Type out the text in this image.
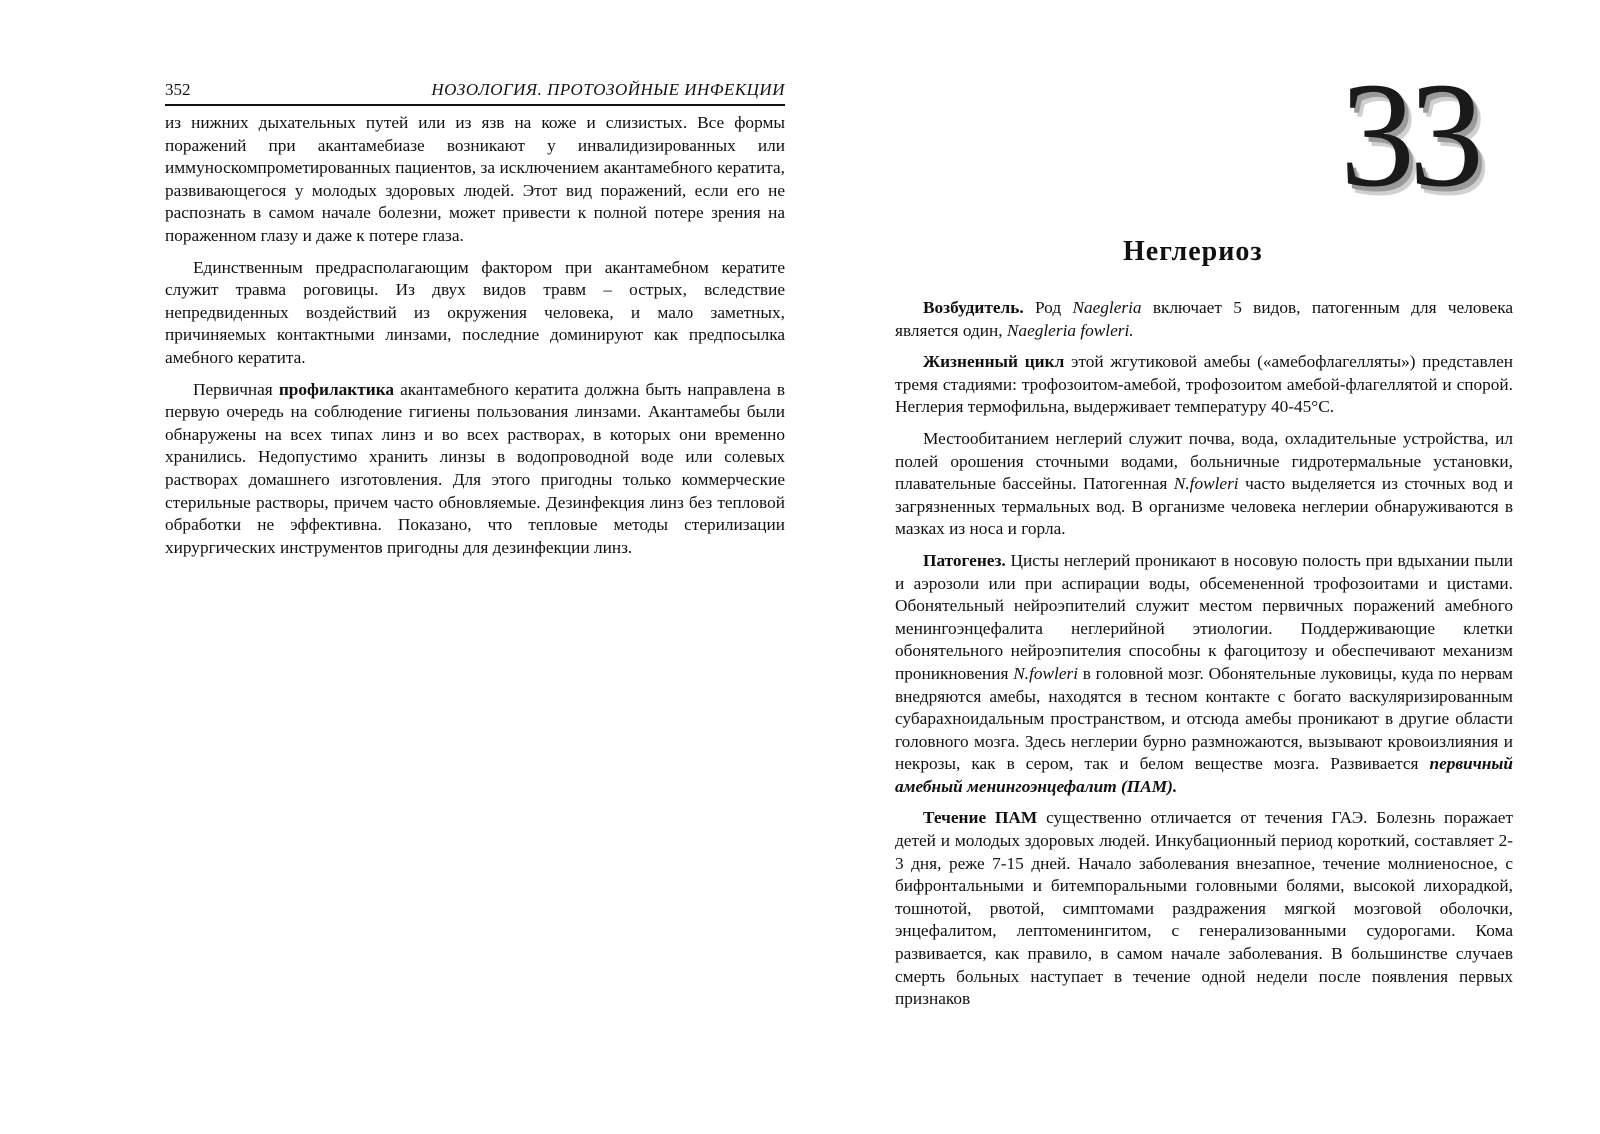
352	НОЗОЛОГИЯ. ПРОТОЗОЙНЫЕ ИНФЕКЦИИ

из нижних дыхательных путей или из язв на коже и слизистых. Все формы поражений при акантамебиазе возникают у инвалидизированных или иммуноскомпрометированных пациентов, за исключением акантамебного кератита, развивающегося у молодых здоровых людей. Этот вид поражений, если его не распознать в самом начале болезни, может привести к полной потере зрения на пораженном глазу и даже к потере глаза.

Единственным предрасполагающим фактором при акантамебном кератите служит травма роговицы. Из двух видов травм – острых, вследствие непредвиденных воздействий из окружения человека, и мало заметных, причиняемых контактными линзами, последние доминируют как предпосылка амебного кератита.

Первичная профилактика акантамебного кератита должна быть направлена в первую очередь на соблюдение гигиены пользования линзами. Акантамебы были обнаружены на всех типах линз и во всех растворах, в которых они временно хранились. Недопустимо хранить линзы в водопроводной воде или солевых растворах домашнего изготовления. Для этого пригодны только коммерческие стерильные растворы, причем часто обновляемые. Дезинфекция линз без тепловой обработки не эффективна. Показано, что тепловые методы стерилизации хирургических инструментов пригодны для дезинфекции линз.

33
Неглериоз

Возбудитель. Род Naegleria включает 5 видов, патогенным для человека является один, Naegleria fowleri.

Жизненный цикл этой жгутиковой амебы («амебофлагелляты») представлен тремя стадиями: трофозоитом-амебой, трофозоитом амебой-флагеллятой и спорой. Неглерия термофильна, выдерживает температуру 40-45°С.

Местообитанием неглерий служит почва, вода, охладительные устройства, ил полей орошения сточными водами, больничные гидротермальные установки, плавательные бассейны. Патогенная N.fowleri часто выделяется из сточных вод и загрязненных термальных вод. В организме человека неглерии обнаруживаются в мазках из носа и горла.

Патогенез. Цисты неглерий проникают в носовую полость при вдыхании пыли и аэрозоли или при аспирации воды, обсемененной трофозоитами и цистами. Обонятельный нейроэпителий служит местом первичных поражений амебного менингоэнцефалита неглерийной этиологии. Поддерживающие клетки обонятельного нейроэпителия способны к фагоцитозу и обеспечивают механизм проникновения N.fowleri в головной мозг. Обонятельные луковицы, куда по нервам внедряются амебы, находятся в тесном контакте с богато васкуляризированным субарахноидальным пространством, и отсюда амебы проникают в другие области головного мозга. Здесь неглерии бурно размножаются, вызывают кровоизлияния и некрозы, как в сером, так и белом веществе мозга. Развивается первичный амебный менингоэнцефалит (ПАМ).

Течение ПАМ существенно отличается от течения ГАЭ. Болезнь поражает детей и молодых здоровых людей. Инкубационный период короткий, составляет 2-3 дня, реже 7-15 дней. Начало заболевания внезапное, течение молниеносное, с бифронтальными и битемпоральными головными болями, высокой лихорадкой, тошнотой, рвотой, симптомами раздражения мягкой мозговой оболочки, энцефалитом, лептоменингитом, с генерализованными судорогами. Кома развивается, как правило, в самом начале заболевания. В большинстве случаев смерть больных наступает в течение одной недели после появления первых признаков
